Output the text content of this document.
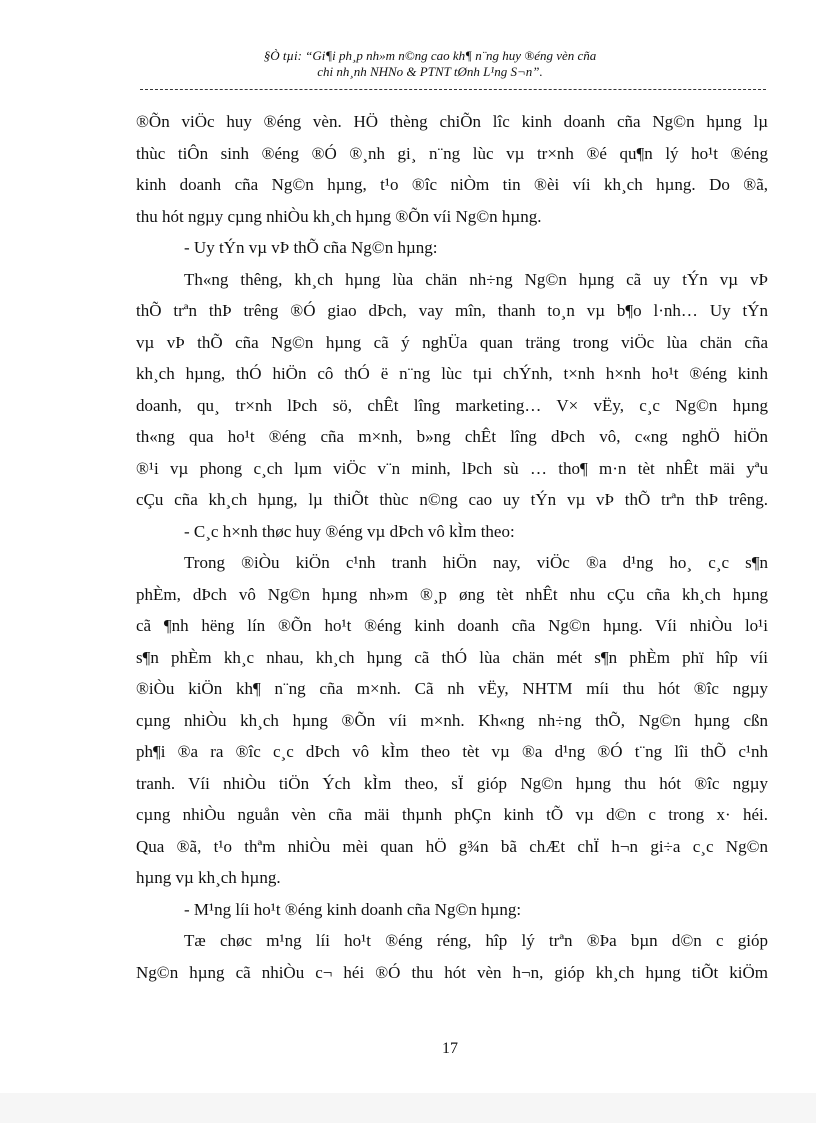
§Ò tµi: “Gi¶i ph¸p nh»m n©ng cao kh¶ n¨ng huy ®éng vèn cña
chi nh¸nh NHNo & PTNT tØnh L¹ng S¬n”.
®Õn viÖc huy ®éng vèn. HÖ thèng chiÕn lîc kinh doanh cña Ng©n hµng lµ
thùc tiÔn sinh ®éng ®Ó ®¸nh gi¸ n¨ng lùc vµ tr×nh ®é qu¶n lý ho¹t ®éng
kinh doanh cña Ng©n hµng, t¹o ®îc niÒm tin ®èi víi kh¸ch hµng. Do ®ã,
thu hót ngµy cµng nhiÒu kh¸ch hµng ®Õn víi Ng©n hµng.
- Uy tÝn vµ vÞ thÕ cña Ng©n hµng:
Th«ng thêng, kh¸ch hµng lùa chän nh÷ng Ng©n hµng cã uy tÝn vµ vÞ
thÕ trªn thÞ trêng ®Ó giao dÞch, vay mîn, thanh to¸n vµ b¶o l·nh… Uy tÝn
vµ vÞ thÕ cña Ng©n hµng cã ý nghÜa quan träng trong viÖc lùa chän cña
kh¸ch hµng, thÓ hiÖn cô thÓ ë n¨ng lùc tµi chÝnh, t×nh h×nh ho¹t ®éng kinh
doanh, qu¸ tr×nh lÞch sö, chÊt lîng marketing… V× vËy, c¸c Ng©n hµng
th«ng qua ho¹t ®éng cña m×nh, b»ng chÊt lîng dÞch vô, c«ng nghÖ hiÖn
®¹i vµ phong c¸ch lµm viÖc v¨n minh, lÞch sù … tho¶ m·n tèt nhÊt mäi yªu
cÇu cña kh¸ch hµng, lµ thiÕt thùc n©ng cao uy tÝn vµ vÞ thÕ trªn thÞ trêng.
- C¸c h×nh thøc huy ®éng vµ dÞch vô kÌm theo:
Trong ®iÒu kiÖn c¹nh tranh hiÖn nay, viÖc ®a d¹ng ho¸ c¸c s¶n
phÈm, dÞch vô Ng©n hµng nh»m ®¸p øng tèt nhÊt nhu cÇu cña kh¸ch hµng
cã ¶nh hëng lín ®Õn ho¹t ®éng kinh doanh cña Ng©n hµng. Víi nhiÒu lo¹i
s¶n phÈm kh¸c nhau, kh¸ch hµng cã thÓ lùa chän mét s¶n phÈm phï hîp víi
®iÒu kiÖn kh¶ n¨ng cña m×nh. Cã nh vËy, NHTM míi thu hót ®îc ngµy
cµng nhiÒu kh¸ch hµng ®Õn víi m×nh. Kh«ng nh÷ng thÕ, Ng©n hµng cßn
ph¶i ®a ra ®îc c¸c dÞch vô kÌm theo tèt vµ ®a d¹ng ®Ó t¨ng lîi thÕ c¹nh
tranh. Víi nhiÒu tiÖn Ých kÌm theo, sÏ gióp Ng©n hµng thu hót ®îc ngµy
cµng nhiÒu nguån vèn cña mäi thµnh phÇn kinh tÕ vµ d©n c trong x· héi.
Qua ®ã, t¹o thªm nhiÒu mèi quan hÖ g¾n bã chÆt chÏ h¬n gi÷a c¸c Ng©n
hµng vµ kh¸ch hµng.
- M¹ng líi ho¹t ®éng kinh doanh cña Ng©n hµng:
Tæ chøc m¹ng líi ho¹t ®éng réng, hîp lý trªn ®Þa bµn d©n c gióp
Ng©n hµng cã nhiÒu c¬ héi ®Ó thu hót vèn h¬n, gióp kh¸ch hµng tiÕt kiÖm
17
